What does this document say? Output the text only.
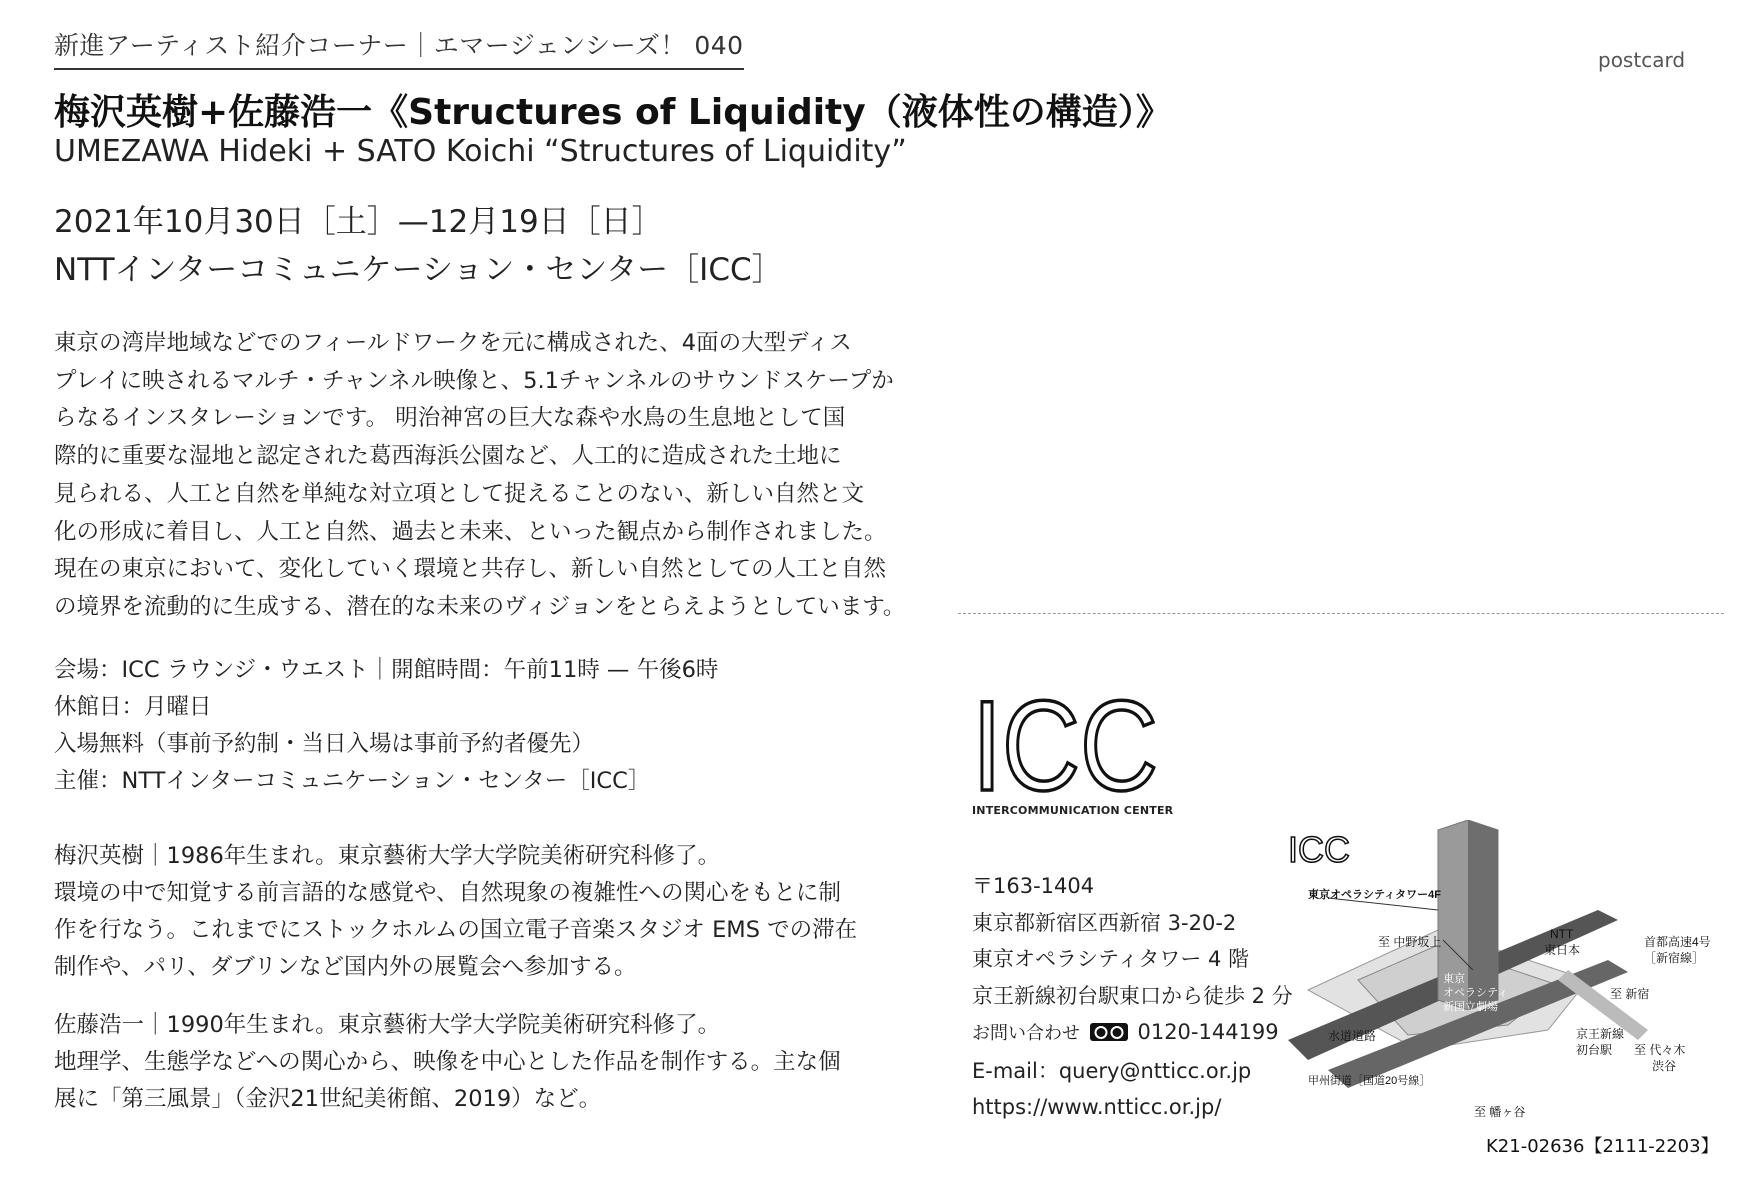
新進アーティスト紹介コーナー｜エマージェンシーズ！ 040	postcard
梅沢英樹+佐藤浩一《Structures of Liquidity（液体性の構造）》
UMEZAWA Hideki + SATO Koichi “Structures of Liquidity”
2021年10月30日［土］—12月19日［日］
NTTインターコミュニケーション・センター［ICC］
東京の湾岸地域などでのフィールドワークを元に構成された、4面の大型ディス
プレイに映されるマルチ・チャンネル映像と、5.1チャンネルのサウンドスケープか
らなるインスタレーションです。 明治神宮の巨大な森や水鳥の生息地として国
際的に重要な湿地と認定された葛西海浜公園など、人工的に造成された土地に
見られる、人工と自然を単純な対立項として捉えることのない、新しい自然と文
化の形成に着目し、人工と自然、過去と未来、といった観点から制作されました。
現在の東京において、変化していく環境と共存し、新しい自然としての人工と自然
の境界を流動的に生成する、潜在的な未来のヴィジョンをとらえようとしています。
会場：ICC ラウンジ・ウエスト｜開館時間：午前11時 — 午後6時
休館日：月曜日
入場無料（事前予約制・当日入場は事前予約者優先）
主催：NTTインターコミュニケーション・センター［ICC］
梅沢英樹｜1986年生まれ。東京藝術大学大学院美術研究科修了。
環境の中で知覚する前言語的な感覚や、自然現象の複雑性への関心をもとに制
作を行なう。これまでにストックホルムの国立電子音楽スタジオ EMS での滞在
制作や、パリ、ダブリンなど国内外の展覧会へ参加する。
佐藤浩一｜1990年生まれ。東京藝術大学大学院美術研究科修了。
地理学、生態学などへの関心から、映像を中心とした作品を制作する。主な個
展に「第三風景」（金沢21世紀美術館、2019）など。
ICC
INTERCOMMUNICATION CENTER
〒163-1404
東京都新宿区西新宿 3-20-2
東京オペラシティタワー 4 階
京王新線初台駅東口から徒歩 2 分
お問い合わせ	0120-144199
E-mail：query@ntticc.or.jp
https://www.ntticc.or.jp/
ICC
東京オペラシティタワー4F
至 中野坂上
NTT
東日本
首都高速4号
［新宿線］
東京
オペラシティ
新国立劇場
至 新宿
水道道路	京王新線
初台駅 至 代々木
渋谷
甲州街道［国道20号線］
至 幡ヶ谷
K21-02636【2111-2203】
